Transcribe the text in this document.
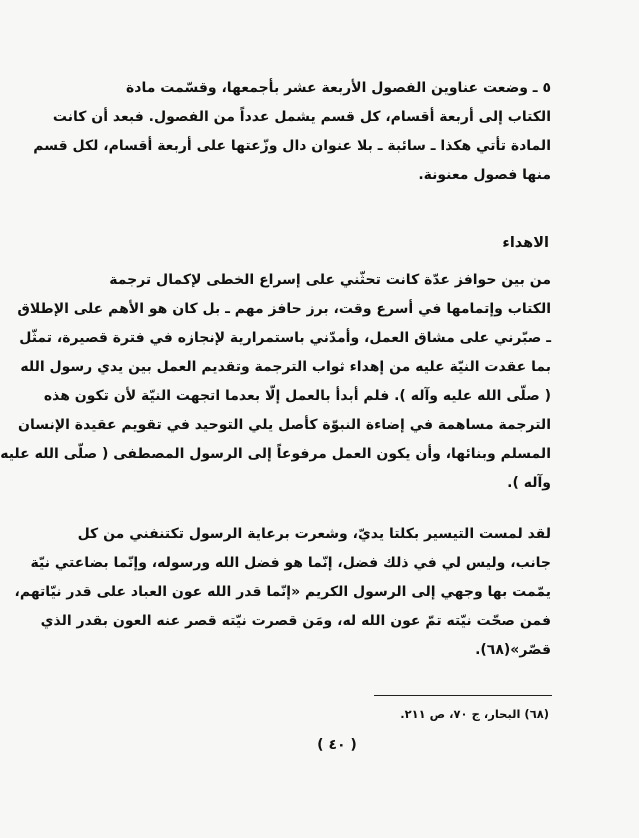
٥ ـ وضعت عناوين الفصول الأربعة عشر بأجمعها، وقسّمت مادة
الكتاب إلى أربعة أقسام، كل قسم يشمل عدداً من الفصول. فبعد أن كانت
المادة تأتي هكذا ـ سائبة ـ بلا عنوان دال وزّعتها على أربعة أقسام، لكل قسم
منها فصول معنونة.
الاهداء
من بين حوافز عدّة كانت تحثّني على إسراع الخطى لإكمال ترجمة
الكتاب وإتمامها في أسرع وقت، برز حافز مهم ـ بل كان هو الأهم على الإطلاق
ـ صبّرني على مشاق العمل، وأمدّني باستمرارية لإنجازه في فترة قصيرة، تمثّل
بما عقدت النيّة عليه من إهداء ثواب الترجمة وتقديم العمل بين يدي رسول الله
( صلّى الله عليه وآله ). فلم أبدأ بالعمل إلّا بعدما اتجهت النيّة لأن تكون هذه
الترجمة مساهمة في إضاءة النبوّة كأصل يلي التوحيد في تقويم عقيدة الإنسان
المسلم وبنائها، وأن يكون العمل مرفوعاً إلى الرسول المصطفى ( صلّى الله عليه
وآله ).
لقد لمست التيسير بكلتا يديّ، وشعرت برعاية الرسول تكتنفني من كل
جانب، وليس لي في ذلك فضل، إنّما هو فضل الله ورسوله، وإنّما بضاعتي نيّة
يمّمت بها وجهي إلى الرسول الكريم «إنّما قدر الله عون العباد على قدر نيّاتهم،
فمن صحّت نيّته تمّ عون الله له، ومَن قصرت نيّته قصر عنه العون بقدر الذي
قصّر»(٦٨).
(٦٨) البحار، ج ٧٠، ص ٢١١.
( ٤٠ )
